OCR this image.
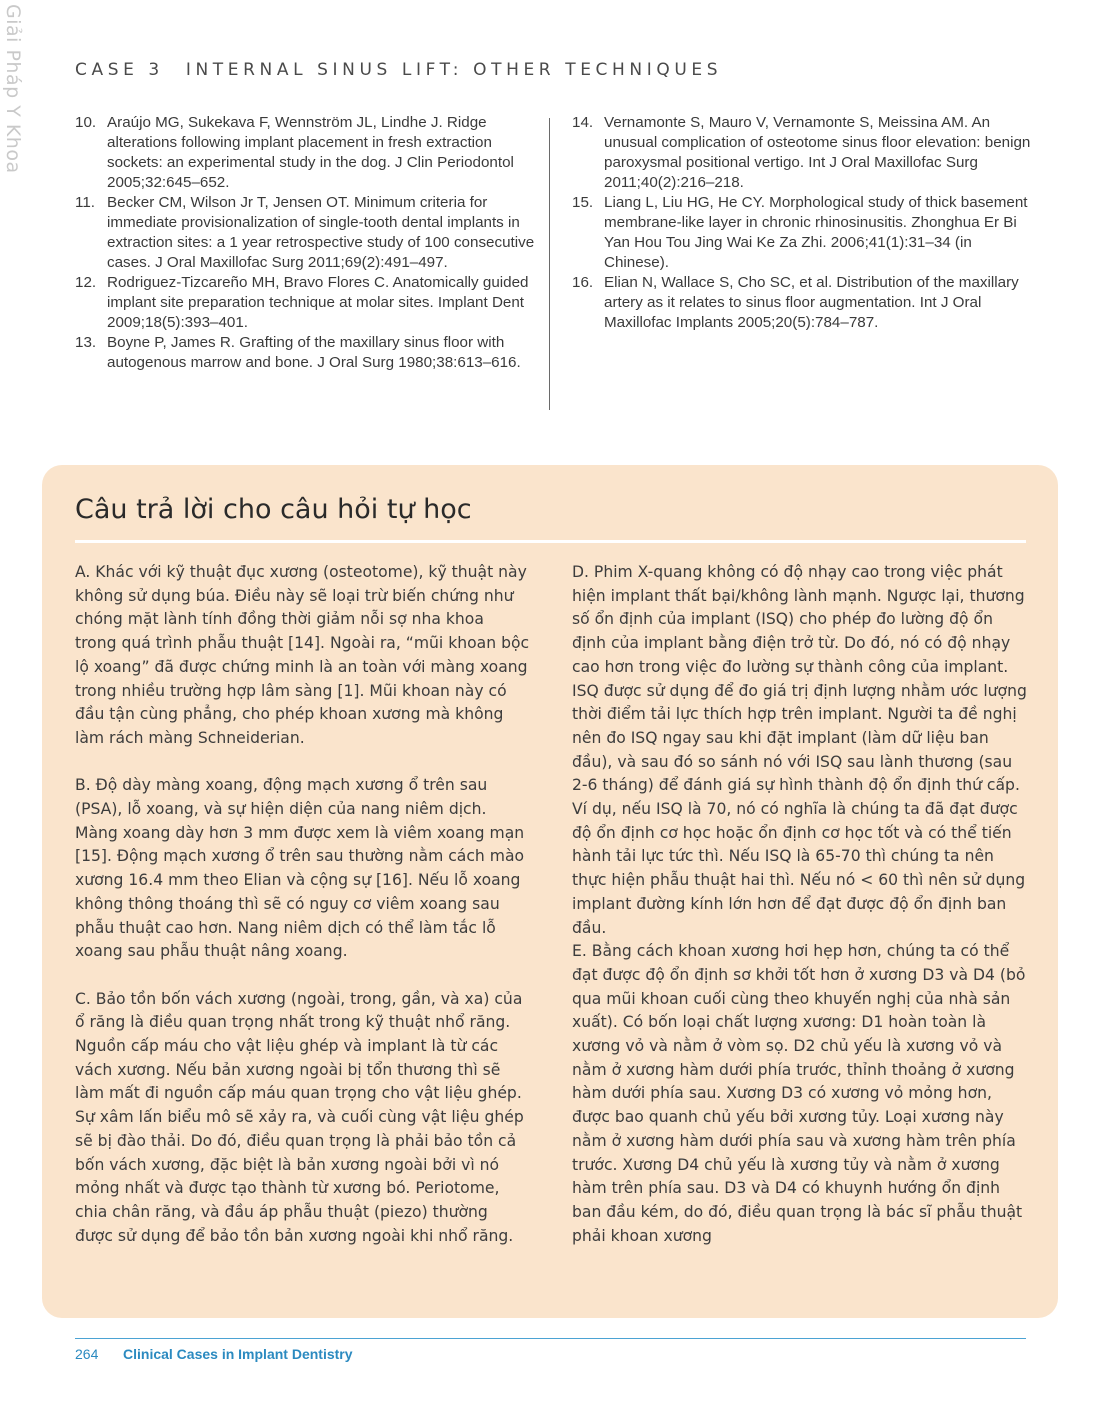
Giải Pháp Y Khoa	CASE 3 INTERNAL SINUS LIFT: OTHER TECHNIQUES
10. Araújo MG, Sukekava F, Wennström JL, Lindhe J. Ridge alterations following implant placement in fresh extraction sockets: an experimental study in the dog. J Clin Periodontol 2005;32:645–652.
11. Becker CM, Wilson Jr T, Jensen OT. Minimum criteria for immediate provisionalization of single-tooth dental implants in extraction sites: a 1 year retrospective study of 100 consecutive cases. J Oral Maxillofac Surg 2011;69(2):491–497.
12. Rodriguez-Tizcareño MH, Bravo Flores C. Anatomically guided implant site preparation technique at molar sites. Implant Dent 2009;18(5):393–401.
13. Boyne P, James R. Grafting of the maxillary sinus floor with autogenous marrow and bone. J Oral Surg 1980;38:613–616.
14. Vernamonte S, Mauro V, Vernamonte S, Meissina AM. An unusual complication of osteotome sinus floor elevation: benign paroxysmal positional vertigo. Int J Oral Maxillofac Surg 2011;40(2):216–218.
15. Liang L, Liu HG, He CY. Morphological study of thick basement membrane-like layer in chronic rhinosinusitis. Zhonghua Er Bi Yan Hou Tou Jing Wai Ke Za Zhi. 2006;41(1):31–34 (in Chinese).
16. Elian N, Wallace S, Cho SC, et al. Distribution of the maxillary artery as it relates to sinus floor augmentation. Int J Oral Maxillofac Implants 2005;20(5):784–787.
Câu trả lời cho câu hỏi tự học

A. Khác với kỹ thuật đục xương (osteotome), kỹ thuật này không sử dụng búa. Điều này sẽ loại trừ biến chứng như chóng mặt lành tính đồng thời giảm nỗi sợ nha khoa trong quá trình phẫu thuật [14]. Ngoài ra, “mũi khoan bộc lộ xoang” đã được chứng minh là an toàn với màng xoang trong nhiều trường hợp lâm sàng [1]. Mũi khoan này có đầu tận cùng phẳng, cho phép khoan xương mà không làm rách màng Schneiderian.

B. Độ dày màng xoang, động mạch xương ổ trên sau (PSA), lỗ xoang, và sự hiện diện của nang niêm dịch. Màng xoang dày hơn 3 mm được xem là viêm xoang mạn [15]. Động mạch xương ổ trên sau thường nằm cách mào xương 16.4 mm theo Elian và cộng sự [16]. Nếu lỗ xoang không thông thoáng thì sẽ có nguy cơ viêm xoang sau phẫu thuật cao hơn. Nang niêm dịch có thể làm tắc lỗ xoang sau phẫu thuật nâng xoang.

C. Bảo tồn bốn vách xương (ngoài, trong, gần, và xa) của ổ răng là điều quan trọng nhất trong kỹ thuật nhổ răng. Nguồn cấp máu cho vật liệu ghép và implant là từ các vách xương. Nếu bản xương ngoài bị tổn thương thì sẽ làm mất đi nguồn cấp máu quan trọng cho vật liệu ghép. Sự xâm lấn biểu mô sẽ xảy ra, và cuối cùng vật liệu ghép sẽ bị đào thải. Do đó, điều quan trọng là phải bảo tồn cả bốn vách xương, đặc biệt là bản xương ngoài bởi vì nó mỏng nhất và được tạo thành từ xương bó. Periotome, chia chân răng, và đầu áp phẫu thuật (piezo) thường được sử dụng để bảo tồn bản xương ngoài khi nhổ răng.

D. Phim X-quang không có độ nhạy cao trong việc phát hiện implant thất bại/không lành mạnh. Ngược lại, thương số ổn định của implant (ISQ) cho phép đo lường độ ổn định của implant bằng điện trở từ. Do đó, nó có độ nhạy cao hơn trong việc đo lường sự thành công của implant. ISQ được sử dụng để đo giá trị định lượng nhằm ước lượng thời điểm tải lực thích hợp trên implant. Người ta đề nghị nên đo ISQ ngay sau khi đặt implant (làm dữ liệu ban đầu), và sau đó so sánh nó với ISQ sau lành thương (sau 2-6 tháng) để đánh giá sự hình thành độ ổn định thứ cấp. Ví dụ, nếu ISQ là 70, nó có nghĩa là chúng ta đã đạt được độ ổn định cơ học hoặc ổn định cơ học tốt và có thể tiến hành tải lực tức thì. Nếu ISQ là 65-70 thì chúng ta nên thực hiện phẫu thuật hai thì. Nếu nó < 60 thì nên sử dụng implant đường kính lớn hơn để đạt được độ ổn định ban đầu.

E. Bằng cách khoan xương hơi hẹp hơn, chúng ta có thể đạt được độ ổn định sơ khởi tốt hơn ở xương D3 và D4 (bỏ qua mũi khoan cuối cùng theo khuyến nghị của nhà sản xuất). Có bốn loại chất lượng xương: D1 hoàn toàn là xương vỏ và nằm ở vòm sọ. D2 chủ yếu là xương vỏ và nằm ở xương hàm dưới phía trước, thỉnh thoảng ở xương hàm dưới phía sau. Xương D3 có xương vỏ mỏng hơn, được bao quanh chủ yếu bởi xương tủy. Loại xương này nằm ở xương hàm dưới phía sau và xương hàm trên phía trước. Xương D4 chủ yếu là xương tủy và nằm ở xương hàm trên phía sau. D3 và D4 có khuynh hướng ổn định ban đầu kém, do đó, điều quan trọng là bác sĩ phẫu thuật phải khoan xương

264 Clinical Cases in Implant Dentistry
